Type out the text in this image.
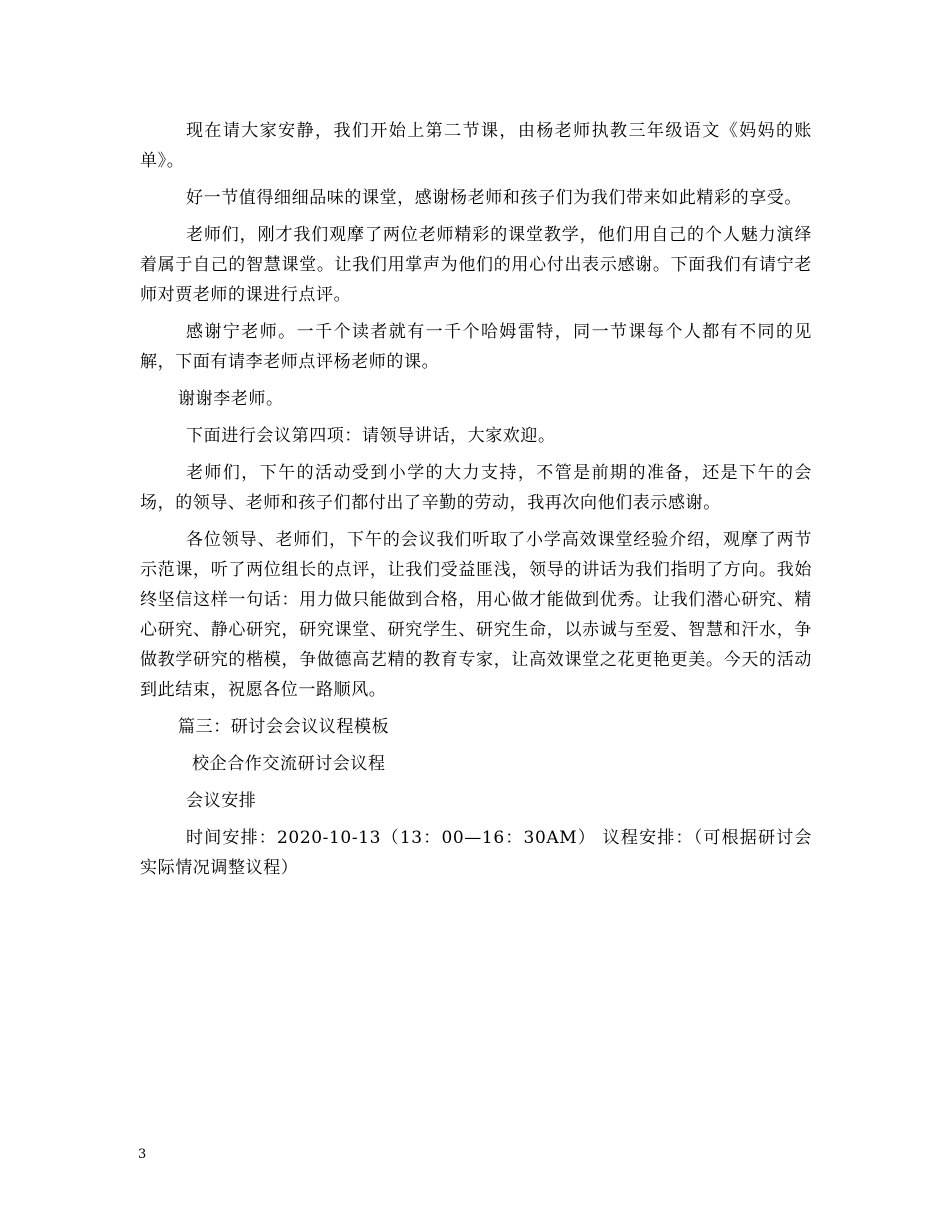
现在请大家安静，我们开始上第二节课，由杨老师执教三年级语文《妈妈的账单》。

好一节值得细细品味的课堂，感谢杨老师和孩子们为我们带来如此精彩的享受。

老师们，刚才我们观摩了两位老师精彩的课堂教学，他们用自己的个人魅力演绎着属于自己的智慧课堂。让我们用掌声为他们的用心付出表示感谢。下面我们有请宁老师对贾老师的课进行点评。

感谢宁老师。一千个读者就有一千个哈姆雷特，同一节课每个人都有不同的见解，下面有请李老师点评杨老师的课。

谢谢李老师。

下面进行会议第四项：请领导讲话，大家欢迎。

老师们，下午的活动受到小学的大力支持，不管是前期的准备，还是下午的会场，的领导、老师和孩子们都付出了辛勤的劳动，我再次向他们表示感谢。

各位领导、老师们，下午的会议我们听取了小学高效课堂经验介绍，观摩了两节示范课，听了两位组长的点评，让我们受益匪浅，领导的讲话为我们指明了方向。我始终坚信这样一句话：用力做只能做到合格，用心做才能做到优秀。让我们潜心研究、精心研究、静心研究，研究课堂、研究学生、研究生命，以赤诚与至爱、智慧和汗水，争做教学研究的楷模，争做德高艺精的教育专家，让高效课堂之花更艳更美。今天的活动到此结束，祝愿各位一路顺风。

篇三：研讨会会议议程模板

校企合作交流研讨会议程

会议安排

时间安排：2020-10-13（13：00—16：30AM） 议程安排：（可根据研讨会实际情况调整议程）

3
